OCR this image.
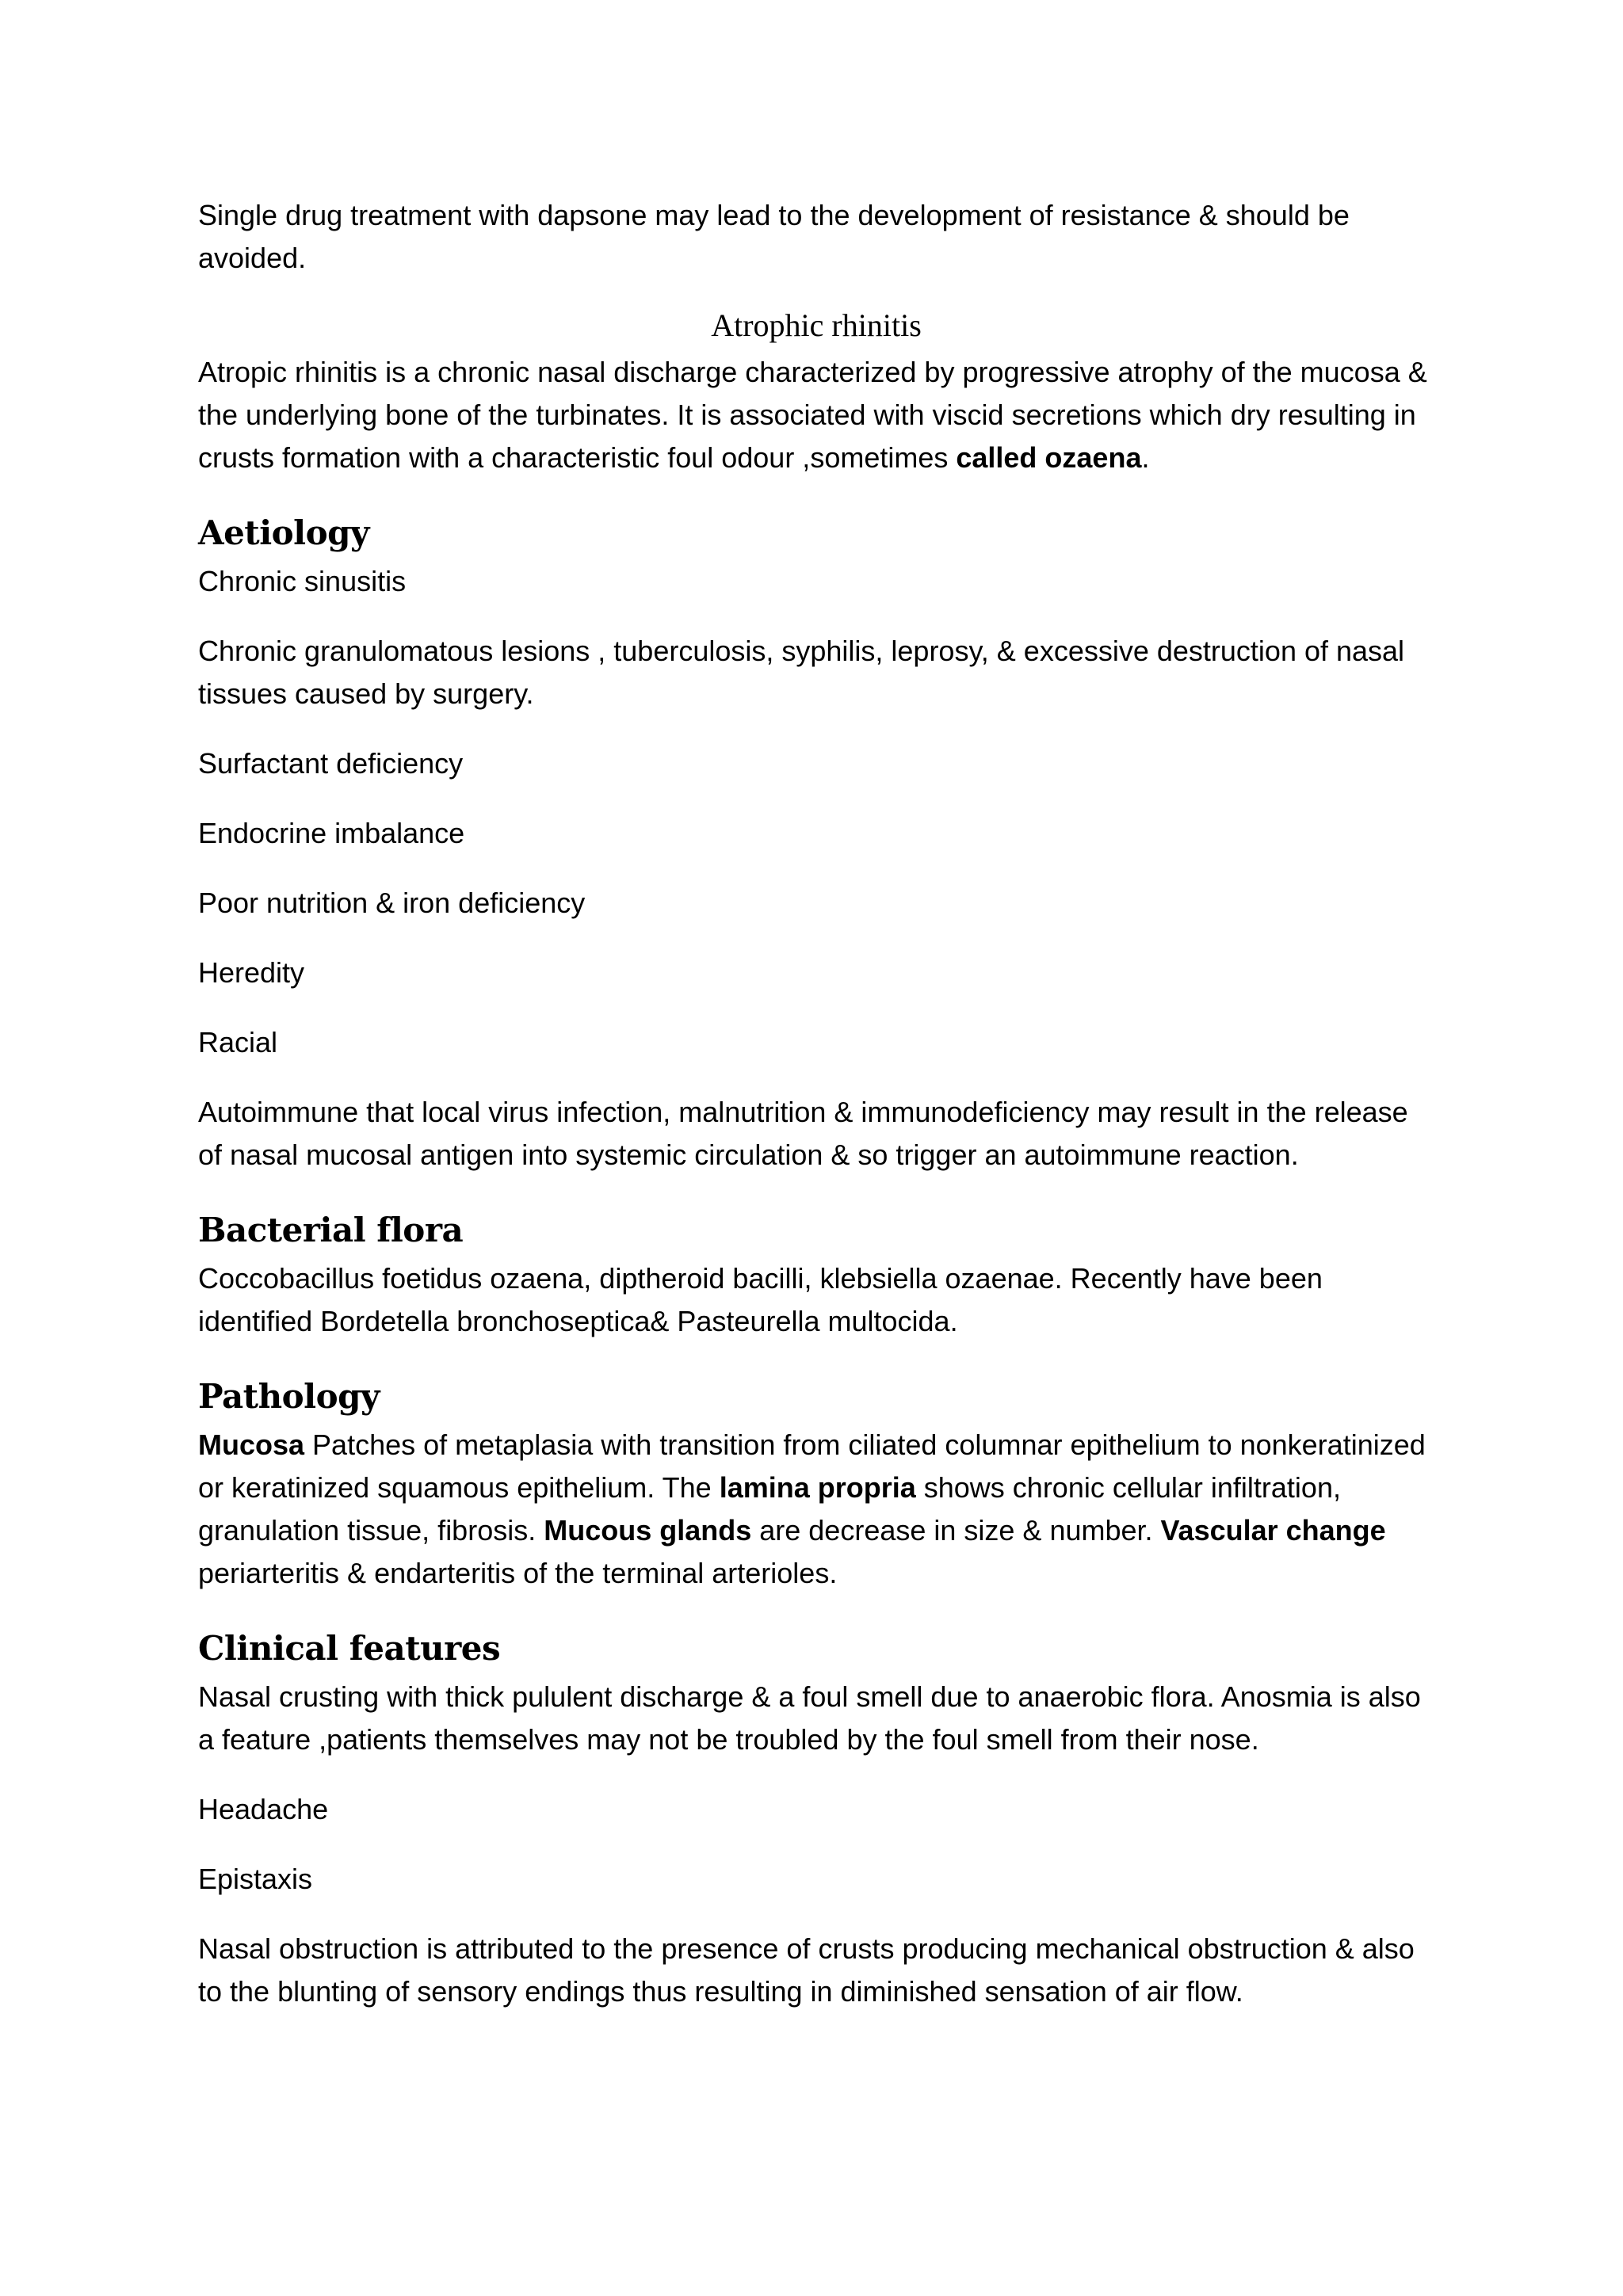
Single drug treatment with dapsone may lead to the development of resistance & should be
avoided.

Atrophic rhinitis

Atropic rhinitis is a chronic nasal discharge characterized by progressive atrophy of the mucosa & the underlying bone of the turbinates. It is associated with viscid secretions which dry resulting in crusts formation with a characteristic foul odour ,sometimes called ozaena.

Aetiology

Chronic sinusitis

Chronic granulomatous lesions , tuberculosis, syphilis, leprosy, & excessive destruction of nasal tissues caused by surgery.

Surfactant deficiency

Endocrine imbalance

Poor nutrition & iron deficiency

Heredity

Racial

Autoimmune that local virus infection, malnutrition & immunodeficiency may result in the release of nasal mucosal antigen into systemic circulation & so trigger an autoimmune reaction.

Bacterial flora

Coccobacillus foetidus ozaena, diptheroid bacilli, klebsiella ozaenae. Recently have been identified Bordetella bronchoseptica& Pasteurella multocida.

Pathology

Mucosa Patches of metaplasia with transition from ciliated columnar epithelium to nonkeratinized or keratinized squamous epithelium. The lamina propria shows chronic cellular infiltration, granulation tissue, fibrosis. Mucous glands are decrease in size & number. Vascular change periarteritis & endarteritis of the terminal arterioles.

Clinical features

Nasal crusting with thick pululent discharge & a foul smell due to anaerobic flora. Anosmia is also a feature ,patients themselves may not be troubled by the foul smell from their nose.

Headache

Epistaxis

Nasal obstruction is attributed to the presence of crusts producing mechanical obstruction & also to the blunting of sensory endings thus resulting in diminished sensation of air flow.
